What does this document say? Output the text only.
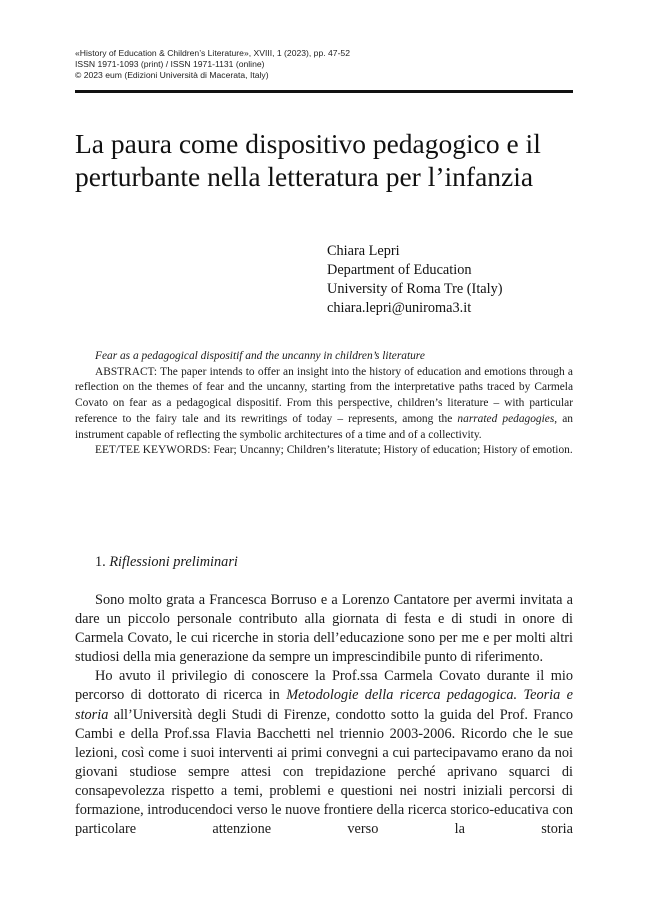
«History of Education & Children’s Literature», XVIII, 1 (2023), pp. 47-52
ISSN 1971-1093 (print) / ISSN 1971-1131 (online)
© 2023 eum (Edizioni Università di Macerata, Italy)
La paura come dispositivo pedagogico e il
perturbante nella letteratura per l’infanzia
Chiara Lepri
Department of Education
University of Roma Tre (Italy)
chiara.lepri@uniroma3.it

Fear as a pedagogical dispositif and the uncanny in children’s literature

ABSTRACT: The paper intends to offer an insight into the history of education and emotions through a reflection on the themes of fear and the uncanny, starting from the interpretative paths traced by Carmela Covato on fear as a pedagogical dispositif. From this perspective, children’s literature – with particular reference to the fairy tale and its rewritings of today – represents, among the narrated pedagogies, an instrument capable of reflecting the symbolic architectures of a time and of a collectivity.

EET/TEE KEYWORDS: Fear; Uncanny; Children’s literatute; History of education; History of emotion.

1. Riflessioni preliminari

Sono molto grata a Francesca Borruso e a Lorenzo Cantatore per avermi invitata a dare un piccolo personale contributo alla giornata di festa e di studi in onore di Carmela Covato, le cui ricerche in storia dell’educazione sono per me e per molti altri studiosi della mia generazione da sempre un imprescindibile punto di riferimento.

Ho avuto il privilegio di conoscere la Prof.ssa Carmela Covato durante il mio percorso di dottorato di ricerca in Metodologie della ricerca pedagogica. Teoria e storia all’Università degli Studi di Firenze, condotto sotto la guida del Prof. Franco Cambi e della Prof.ssa Flavia Bacchetti nel triennio 2003-2006. Ricordo che le sue lezioni, così come i suoi interventi ai primi convegni a cui partecipavamo erano da noi giovani studiose sempre attesi con trepidazione perché aprivano squarci di consapevolezza rispetto a temi, problemi e questioni nei nostri iniziali percorsi di formazione, introducendoci verso le nuove frontiere della ricerca storico-educativa con particolare attenzione verso la storia
